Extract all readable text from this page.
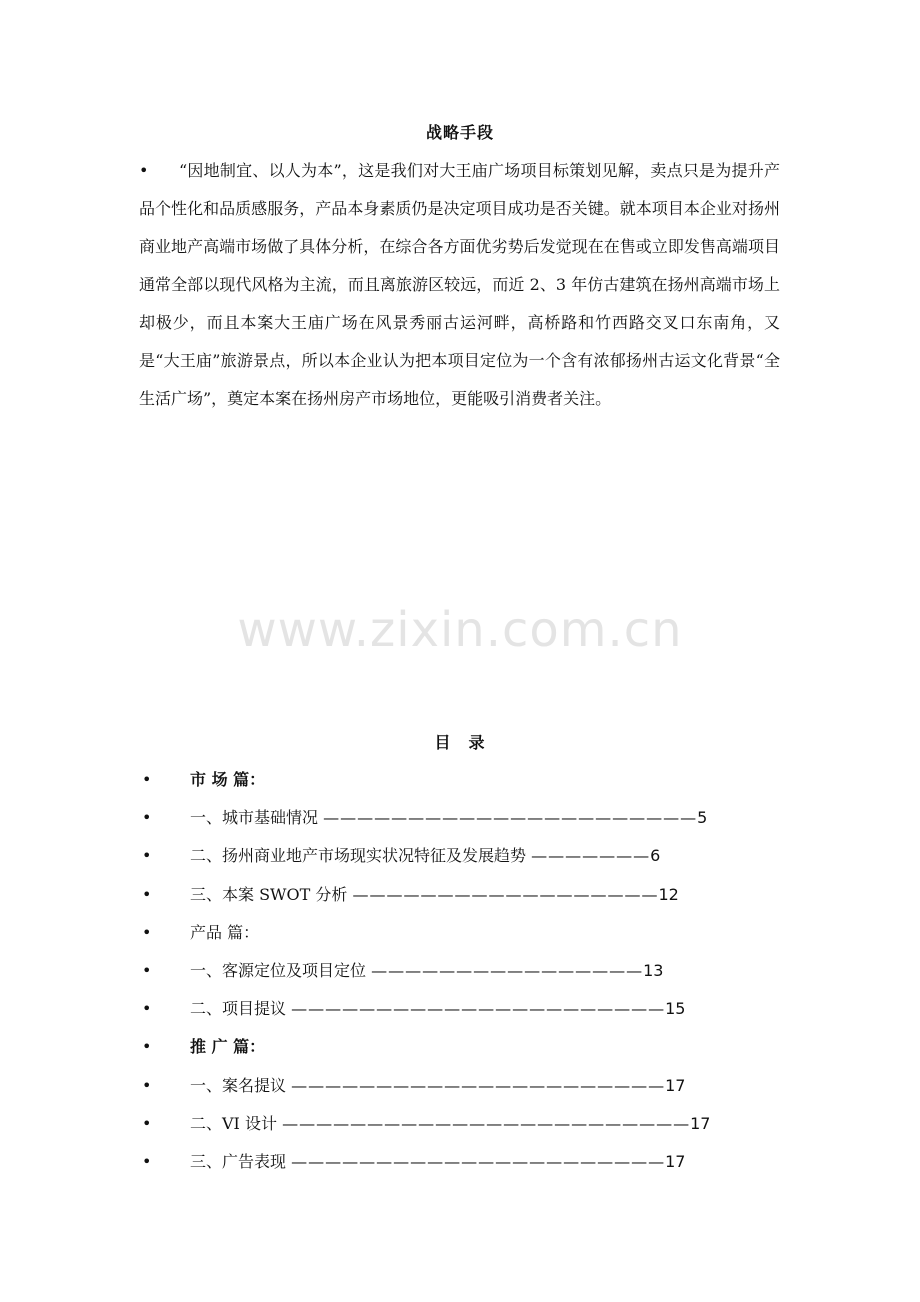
战略手段
•	“因地制宜、以人为本”，这是我们对大王庙广场项目标策划见解，卖点只是为提升产品个性化和品质感服务，产品本身素质仍是决定项目成功是否关键。就本项目本企业对扬州商业地产高端市场做了具体分析，在综合各方面优劣势后发觉现在在售或立即发售高端项目通常全部以现代风格为主流，而且离旅游区较远，而近 2、3 年仿古建筑在扬州高端市场上却极少，而且本案大王庙广场在风景秀丽古运河畔，高桥路和竹西路交叉口东南角，又是“大王庙”旅游景点，所以本企业认为把本项目定位为一个含有浓郁扬州古运文化背景“全生活广场”，奠定本案在扬州房产市场地位，更能吸引消费者关注。

www.zixin.com.cn
目　录
• 市 场 篇：
• 一、城市基础情况 ——————————————————————5
• 二、扬州商业地产市场现实状况特征及发展趋势 ———————6
• 三、本案 SWOT 分析 ——————————————————12
• 产品 篇：
• 一、客源定位及项目定位 ————————————————13
• 二、项目提议 ——————————————————————15
• 推 广 篇：
• 一、案名提议 ——————————————————————17
• 二、VI 设计 ————————————————————————17
• 三、广告表现 ——————————————————————17
